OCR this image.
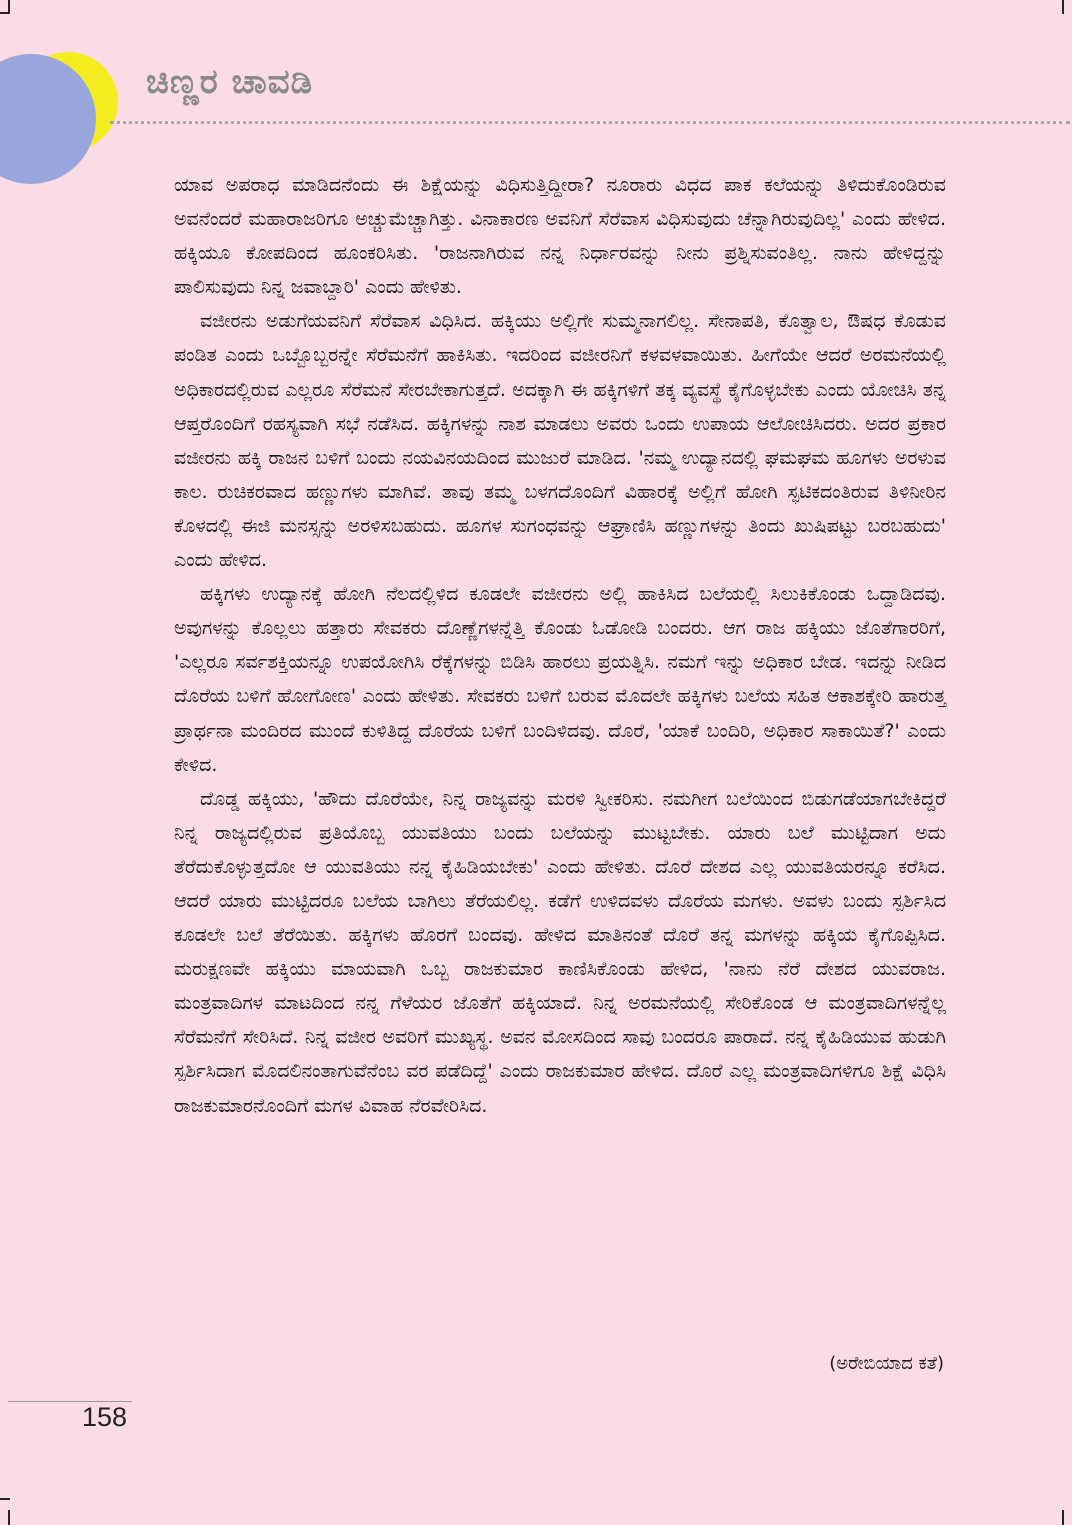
ಚಿಣ್ಣರ ಚಾವಡಿ

ಯಾವ ಅಪರಾಧ ಮಾಡಿದನೆಂದು ಈ ಶಿಕ್ಷೆಯನ್ನು ವಿಧಿಸುತ್ತಿದ್ದೀರಾ? ನೂರಾರು ವಿಧದ ಪಾಕ ಕಲೆಯನ್ನು ತಿಳಿದುಕೊಂಡಿರುವ ಅವನೆಂದರೆ ಮಹಾರಾಜರಿಗೂ ಅಚ್ಚುಮೆಚ್ಚಾಗಿತ್ತು. ವಿನಾಕಾರಣ ಅವನಿಗೆ ಸೆರೆವಾಸ ವಿಧಿಸುವುದು ಚೆನ್ನಾಗಿರುವುದಿಲ್ಲ' ಎಂದು ಹೇಳಿದ. ಹಕ್ಕಿಯೂ ಕೋಪದಿಂದ ಹೂಂಕರಿಸಿತು. 'ರಾಜನಾಗಿರುವ ನನ್ನ ನಿರ್ಧಾರವನ್ನು ನೀನು ಪ್ರಶ್ನಿಸುವಂತಿಲ್ಲ. ನಾನು ಹೇಳಿದ್ದನ್ನು ಪಾಲಿಸುವುದು ನಿನ್ನ ಜವಾಬ್ದಾರಿ' ಎಂದು ಹೇಳಿತು.

ವಜೀರನು ಅಡುಗೆಯವನಿಗೆ ಸೆರೆವಾಸ ವಿಧಿಸಿದ. ಹಕ್ಕಿಯು ಅಲ್ಲಿಗೇ ಸುಮ್ಮನಾಗಲಿಲ್ಲ. ಸೇನಾಪತಿ, ಕೊತ್ವಾಲ, ಔಷಧ ಕೊಡುವ ಪಂಡಿತ ಎಂದು ಒಬ್ಬೊಬ್ಬರನ್ನೇ ಸೆರೆಮನೆಗೆ ಹಾಕಿಸಿತು. ಇದರಿಂದ ವಜೀರನಿಗೆ ಕಳವಳವಾಯಿತು. ಹೀಗೆಯೇ ಆದರೆ ಅರಮನೆಯಲ್ಲಿ ಅಧಿಕಾರದಲ್ಲಿರುವ ಎಲ್ಲರೂ ಸೆರೆಮನೆ ಸೇರಬೇಕಾಗುತ್ತದೆ. ಅದಕ್ಕಾಗಿ ಈ ಹಕ್ಕಿಗಳಿಗೆ ತಕ್ಕ ವ್ಯವಸ್ಥೆ ಕೈಗೊಳ್ಳಬೇಕು ಎಂದು ಯೋಚಿಸಿ ತನ್ನ ಆಪ್ತರೊಂದಿಗೆ ರಹಸ್ಯವಾಗಿ ಸಭೆ ನಡೆಸಿದ. ಹಕ್ಕಿಗಳನ್ನು ನಾಶ ಮಾಡಲು ಅವರು ಒಂದು ಉಪಾಯ ಆಲೋಚಿಸಿದರು. ಅದರ ಪ್ರಕಾರ ವಜೀರನು ಹಕ್ಕಿ ರಾಜನ ಬಳಿಗೆ ಬಂದು ನಯವಿನಯದಿಂದ ಮುಜುರೆ ಮಾಡಿದ. 'ನಮ್ಮ ಉದ್ಯಾನದಲ್ಲಿ ಘಮಘಮ ಹೂಗಳು ಅರಳುವ ಕಾಲ. ರುಚಿಕರವಾದ ಹಣ್ಣುಗಳು ಮಾಗಿವೆ. ತಾವು ತಮ್ಮ ಬಳಗದೊಂದಿಗೆ ವಿಹಾರಕ್ಕೆ ಅಲ್ಲಿಗೆ ಹೋಗಿ ಸ್ಫಟಿಕದಂತಿರುವ ತಿಳಿನೀರಿನ ಕೊಳದಲ್ಲಿ ಈಜಿ ಮನಸ್ಸನ್ನು ಅರಳಿಸಬಹುದು. ಹೂಗಳ ಸುಗಂಧವನ್ನು ಆಘ್ರಾಣಿಸಿ ಹಣ್ಣುಗಳನ್ನು ತಿಂದು ಖುಷಿಪಟ್ಟು ಬರಬಹುದು' ಎಂದು ಹೇಳಿದ.

ಹಕ್ಕಿಗಳು ಉದ್ಯಾನಕ್ಕೆ ಹೋಗಿ ನೆಲದಲ್ಲಿಳಿದ ಕೂಡಲೇ ವಜೀರನು ಅಲ್ಲಿ ಹಾಕಿಸಿದ ಬಲೆಯಲ್ಲಿ ಸಿಲುಕಿಕೊಂಡು ಒದ್ದಾಡಿದವು. ಅವುಗಳನ್ನು ಕೊಲ್ಲಲು ಹತ್ತಾರು ಸೇವಕರು ದೊಣ್ಣೆಗಳನ್ನೆತ್ತಿ ಕೊಂಡು ಓಡೋಡಿ ಬಂದರು. ಆಗ ರಾಜ ಹಕ್ಕಿಯು ಜೊತೆಗಾರರಿಗೆ, 'ಎಲ್ಲರೂ ಸರ್ವಶಕ್ತಿಯನ್ನೂ ಉಪಯೋಗಿಸಿ ರೆಕ್ಕೆಗಳನ್ನು ಬಿಡಿಸಿ ಹಾರಲು ಪ್ರಯತ್ನಿಸಿ. ನಮಗೆ ಇನ್ನು ಅಧಿಕಾರ ಬೇಡ. ಇದನ್ನು ನೀಡಿದ ದೊರೆಯ ಬಳಿಗೆ ಹೋಗೋಣ' ಎಂದು ಹೇಳಿತು. ಸೇವಕರು ಬಳಿಗೆ ಬರುವ ಮೊದಲೇ ಹಕ್ಕಿಗಳು ಬಲೆಯ ಸಹಿತ ಆಕಾಶಕ್ಕೇರಿ ಹಾರುತ್ತ ಪ್ರಾರ್ಥನಾ ಮಂದಿರದ ಮುಂದೆ ಕುಳಿತಿದ್ದ ದೊರೆಯ ಬಳಿಗೆ ಬಂದಿಳಿದವು. ದೊರೆ, 'ಯಾಕೆ ಬಂದಿರಿ, ಅಧಿಕಾರ ಸಾಕಾಯಿತೆ?' ಎಂದು ಕೇಳಿದ.

ದೊಡ್ಡ ಹಕ್ಕಿಯು, 'ಹೌದು ದೊರೆಯೇ, ನಿನ್ನ ರಾಜ್ಯವನ್ನು ಮರಳಿ ಸ್ವೀಕರಿಸು. ನಮಗೀಗ ಬಲೆಯಿಂದ ಬಿಡುಗಡೆಯಾಗಬೇಕಿದ್ದರೆ ನಿನ್ನ ರಾಜ್ಯದಲ್ಲಿರುವ ಪ್ರತಿಯೊಬ್ಬ ಯುವತಿಯು ಬಂದು ಬಲೆಯನ್ನು ಮುಟ್ಟಬೇಕು. ಯಾರು ಬಲೆ ಮುಟ್ಟಿದಾಗ ಅದು ತೆರೆದುಕೊಳ್ಳುತ್ತದೋ ಆ ಯುವತಿಯು ನನ್ನ ಕೈಹಿಡಿಯಬೇಕು' ಎಂದು ಹೇಳಿತು. ದೊರೆ ದೇಶದ ಎಲ್ಲ ಯುವತಿಯರನ್ನೂ ಕರೆಸಿದ. ಆದರೆ ಯಾರು ಮುಟ್ಟಿದರೂ ಬಲೆಯ ಬಾಗಿಲು ತೆರೆಯಲಿಲ್ಲ. ಕಡೆಗೆ ಉಳಿದವಳು ದೊರೆಯ ಮಗಳು. ಅವಳು ಬಂದು ಸ್ಪರ್ಶಿಸಿದ ಕೂಡಲೇ ಬಲೆ ತೆರೆಯಿತು. ಹಕ್ಕಿಗಳು ಹೊರಗೆ ಬಂದವು. ಹೇಳಿದ ಮಾತಿನಂತೆ ದೊರೆ ತನ್ನ ಮಗಳನ್ನು ಹಕ್ಕಿಯ ಕೈಗೊಪ್ಪಿಸಿದ. ಮರುಕ್ಷಣವೇ ಹಕ್ಕಿಯು ಮಾಯವಾಗಿ ಒಬ್ಬ ರಾಜಕುಮಾರ ಕಾಣಿಸಿಕೊಂಡು ಹೇಳಿದ, 'ನಾನು ನೆರೆ ದೇಶದ ಯುವರಾಜ. ಮಂತ್ರವಾದಿಗಳ ಮಾಟದಿಂದ ನನ್ನ ಗೆಳೆಯರ ಜೊತೆಗೆ ಹಕ್ಕಿಯಾದೆ. ನಿನ್ನ ಅರಮನೆಯಲ್ಲಿ ಸೇರಿಕೊಂಡ ಆ ಮಂತ್ರವಾದಿಗಳನ್ನೆಲ್ಲ ಸೆರೆಮನೆಗೆ ಸೇರಿಸಿದೆ. ನಿನ್ನ ವಜೀರ ಅವರಿಗೆ ಮುಖ್ಯಸ್ಥ. ಅವನ ಮೋಸದಿಂದ ಸಾವು ಬಂದರೂ ಪಾರಾದೆ. ನನ್ನ ಕೈಹಿಡಿಯುವ ಹುಡುಗಿ ಸ್ಪರ್ಶಿಸಿದಾಗ ಮೊದಲಿನಂತಾಗುವೆನೆಂಬ ವರ ಪಡೆದಿದ್ದೆ' ಎಂದು ರಾಜಕುಮಾರ ಹೇಳಿದ. ದೊರೆ ಎಲ್ಲ ಮಂತ್ರವಾದಿಗಳಿಗೂ ಶಿಕ್ಷೆ ವಿಧಿಸಿ ರಾಜಕುಮಾರನೊಂದಿಗೆ ಮಗಳ ವಿವಾಹ ನೆರವೇರಿಸಿದ.

(ಅರೇಬಿಯಾದ ಕತೆ)
158
